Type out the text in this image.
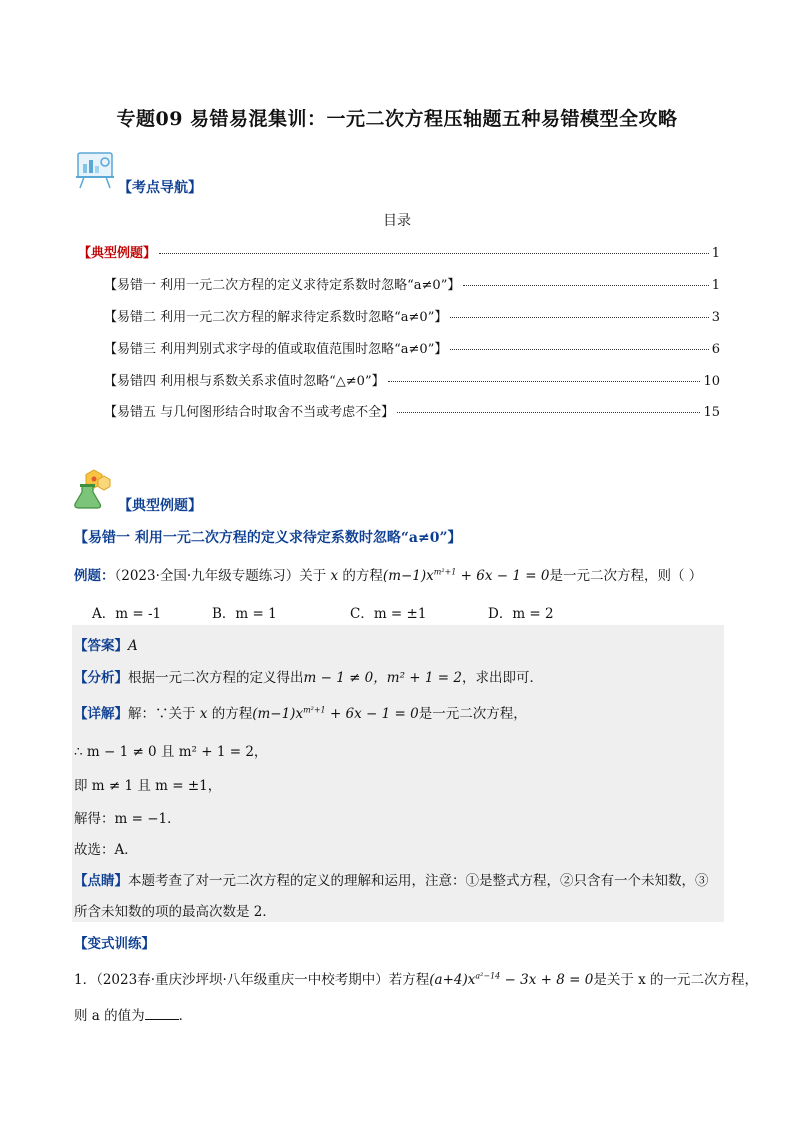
专题09 易错易混集训：一元二次方程压轴题五种易错模型全攻略
【考点导航】
目录
【典型例题】	1
【易错一 利用一元二次方程的定义求待定系数时忽略“a≠0”】	1
【易错二 利用一元二次方程的解求待定系数时忽略“a≠0”】	3
【易错三 利用判别式求字母的值或取值范围时忽略“a≠0”】	6
【易错四 利用根与系数关系求值时忽略“△≠0”】	10
【易错五 与几何图形结合时取舍不当或考虑不全】	15
【典型例题】
【易错一 利用一元二次方程的定义求待定系数时忽略“a≠0”】
例题：（2023·全国·九年级专题练习）关于 x 的方程$(m-1)x^{m^2+1} + 6x - 1 = 0$是一元二次方程，则（ ）
A．m = -1	B．m = 1	C．m = ±1	D．m = 2
【答案】A
【分析】根据一元二次方程的定义得出m − 1 ≠ 0，m² + 1 = 2，求出即可．
【详解】解：∵关于 x 的方程$(m-1)x^{m^2+1} + 6x - 1 = 0$是一元二次方程，
∴ m − 1 ≠ 0 且 m² + 1 = 2，
即 m ≠ 1 且 m = ±1，
解得：m = −1．
故选：A．
【点睛】本题考查了对一元二次方程的定义的理解和运用，注意：①是整式方程，②只含有一个未知数，③
所含未知数的项的最高次数是 2．
【变式训练】
1．（2023春·重庆沙坪坝·八年级重庆一中校考期中）若方程$(a+4)x^{a^2-14} - 3x + 8 = 0$是关于 x 的一元二次方程，
则 a 的值为	．
